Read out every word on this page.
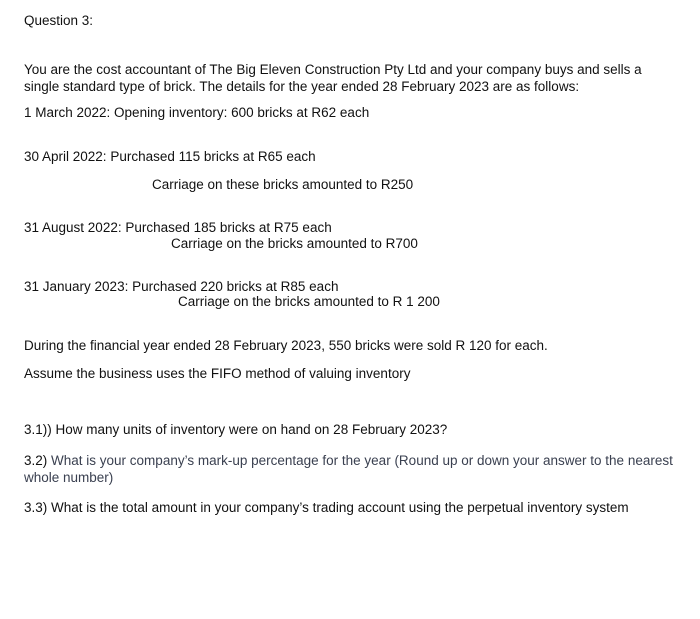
Question 3:
You are the cost accountant of The Big Eleven Construction Pty Ltd and your company buys and sells a single standard type of brick. The details for the year ended 28 February 2023 are as follows:
1 March 2022: Opening inventory: 600 bricks at R62 each
30 April 2022: Purchased 115 bricks at R65 each
Carriage on these bricks amounted to R250
31 August 2022: Purchased 185 bricks at R75 each
Carriage on the bricks amounted to R700
31 January 2023: Purchased 220 bricks at R85 each
Carriage on the bricks amounted to R 1 200
During the financial year ended 28 February 2023, 550 bricks were sold R 120 for each.
Assume the business uses the FIFO method of valuing inventory
3.1)) How many units of inventory were on hand on 28 February 2023?
3.2) What is your company’s mark-up percentage for the year (Round up or down your answer to the nearest whole number)
3.3) What is the total amount in your company’s trading account using the perpetual inventory system
